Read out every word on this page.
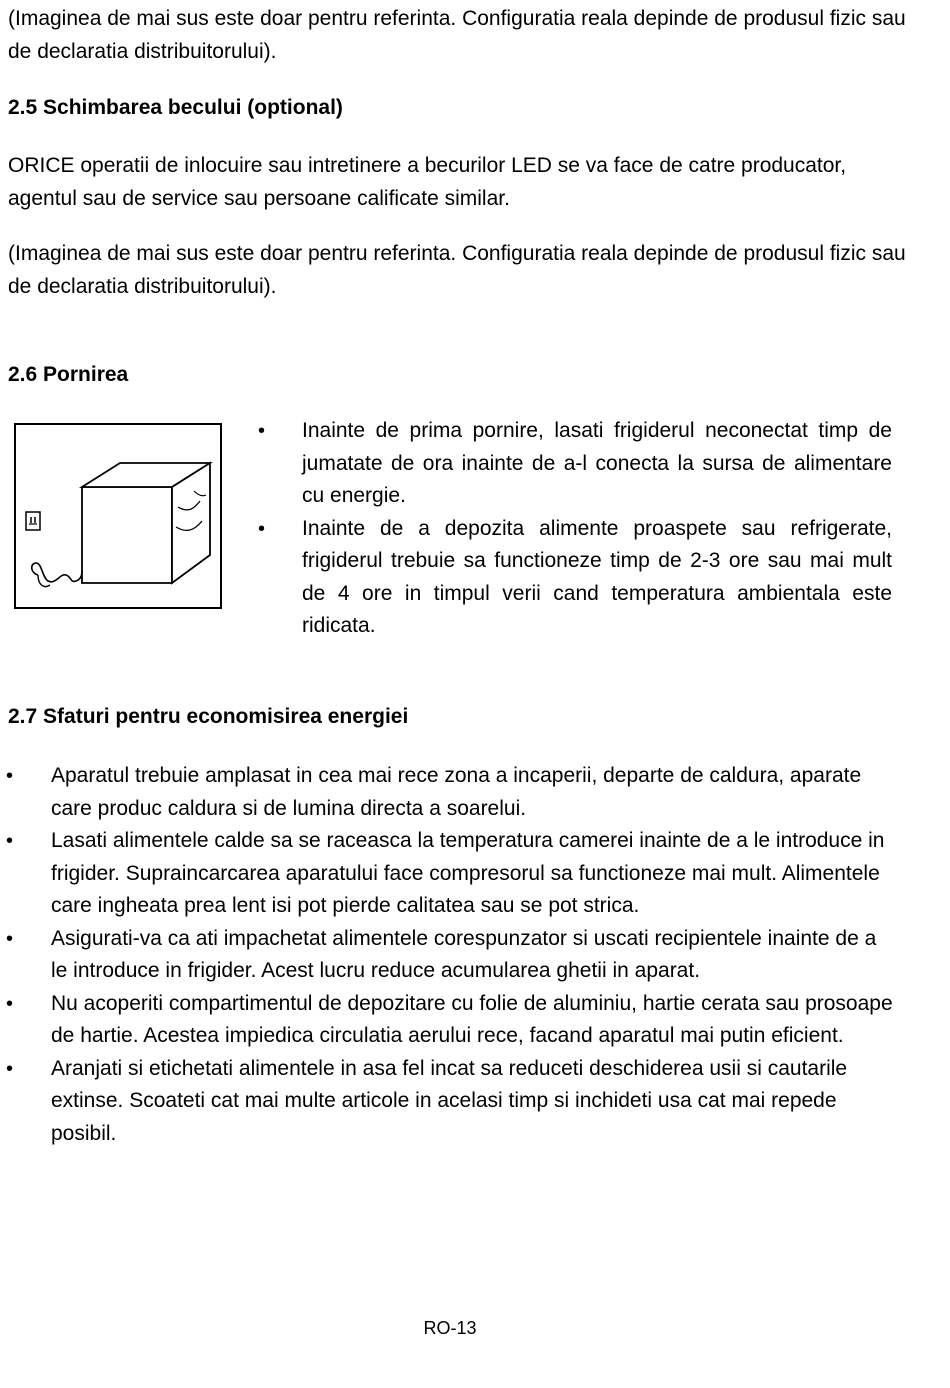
(Imaginea de mai sus este doar pentru referinta. Configuratia reala depinde de produsul fizic sau de declaratia distribuitorului).

2.5 Schimbarea becului (optional)

ORICE operatii de inlocuire sau intretinere a becurilor LED se va face de catre producator, agentul sau de service sau persoane calificate similar.

(Imaginea de mai sus este doar pentru referinta. Configuratia reala depinde de produsul fizic sau de declaratia distribuitorului).

2.6 Pornirea
• Inainte de prima pornire, lasati frigiderul neconectat timp de jumatate de ora inainte de a-l conecta la sursa de alimentare cu energie.
• Inainte de a depozita alimente proaspete sau refrigerate, frigiderul trebuie sa functioneze timp de 2-3 ore sau mai mult de 4 ore in timpul verii cand temperatura ambientala este ridicata.
2.7 Sfaturi pentru economisirea energiei
• Aparatul trebuie amplasat in cea mai rece zona a incaperii, departe de caldura, aparate care produc caldura si de lumina directa a soarelui.
• Lasati alimentele calde sa se raceasca la temperatura camerei inainte de a le introduce in frigider. Supraincarcarea aparatului face compresorul sa functioneze mai mult. Alimentele care ingheata prea lent isi pot pierde calitatea sau se pot strica.
• Asigurati-va ca ati impachetat alimentele corespunzator si uscati recipientele inainte de a le introduce in frigider. Acest lucru reduce acumularea ghetii in aparat.
• Nu acoperiti compartimentul de depozitare cu folie de aluminiu, hartie cerata sau prosoape de hartie. Acestea impiedica circulatia aerului rece, facand aparatul mai putin eficient.
• Aranjati si etichetati alimentele in asa fel incat sa reduceti deschiderea usii si cautarile extinse. Scoateti cat mai multe articole in acelasi timp si inchideti usa cat mai repede posibil.
RO-13
